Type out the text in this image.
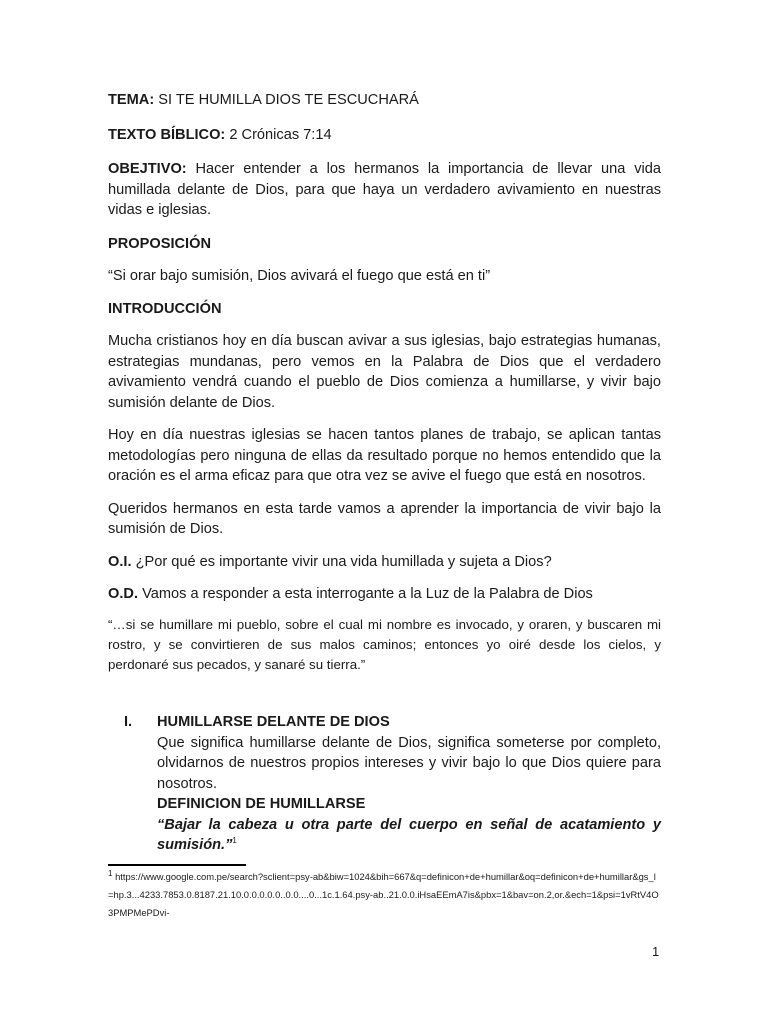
TEMA: SI TE HUMILLA DIOS TE ESCUCHARÁ

TEXTO BÍBLICO: 2 Crónicas 7:14

OBEJTIVO: Hacer entender a los hermanos la importancia de llevar una vida humillada delante de Dios, para que haya un verdadero avivamiento en nuestras vidas e iglesias.

PROPOSICIÓN

“Si orar bajo sumisión, Dios avivará el fuego que está en ti”

INTRODUCCIÓN

Mucha cristianos hoy en día buscan avivar a sus iglesias, bajo estrategias humanas, estrategias mundanas, pero vemos en la Palabra de Dios que el verdadero avivamiento vendrá cuando el pueblo de Dios comienza a humillarse, y vivir bajo sumisión delante de Dios.

Hoy en día nuestras iglesias se hacen tantos planes de trabajo, se aplican tantas metodologías pero ninguna de ellas da resultado porque no hemos entendido que la oración es el arma eficaz para que otra vez se avive el fuego que está en nosotros.

Queridos hermanos en esta tarde vamos a aprender la importancia de vivir bajo la sumisión de Dios.

O.I. ¿Por qué es importante vivir una vida humillada y sujeta a Dios?

O.D. Vamos a responder a esta interrogante a la Luz de la Palabra de Dios

“…si se humillare mi pueblo, sobre el cual mi nombre es invocado, y oraren, y buscaren mi rostro, y se convirtieren de sus malos caminos; entonces yo oiré desde los cielos, y perdonaré sus pecados, y sanaré su tierra.”

I. HUMILLARSE DELANTE DE DIOS

Que significa humillarse delante de Dios, significa someterse por completo, olvidarnos de nuestros propios intereses y vivir bajo lo que Dios quiere para nosotros.

DEFINICION DE HUMILLARSE

“Bajar la cabeza u otra parte del cuerpo en señal de acatamiento y sumisión.”$^1$

$^1$ https://www.google.com.pe/search?sclient=psy-ab&biw=1024&bih=667&q=definicon+de+humillar&oq=definicon+de+humillar&gs_l=hp.3...4233.7853.0.8187.21.10.0.0.0.0.0..0.0....0...1c.1.64.psy-ab..21.0.0.iHsaEEmA7is&pbx=1&bav=on.2,or.&ech=1&psi=1vRtV4O3PMPMePDvi-
1
